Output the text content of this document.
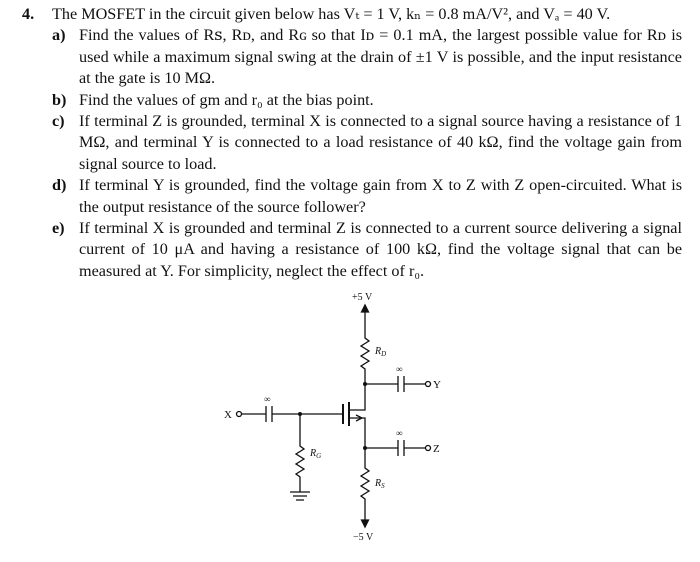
4.	The MOSFET in the circuit given below has Vₜ = 1 V, kₙ = 0.8 mA/V², and Vₐ = 40 V.
a) Find the values of Rꜱ, Rᴅ, and Rɢ so that Iᴅ = 0.1 mA, the largest possible value for Rᴅ is used while a maximum signal swing at the drain of ±1 V is possible, and the input resistance at the gate is 10 MΩ.
b) Find the values of gm and r₀ at the bias point.
c) If terminal Z is grounded, terminal X is connected to a signal source having a resistance of 1 MΩ, and terminal Y is connected to a load resistance of 40 kΩ, find the voltage gain from signal source to load.
d) If terminal Y is grounded, find the voltage gain from X to Z with Z open-circuited. What is the output resistance of the source follower?
e) If terminal X is grounded and terminal Z is connected to a current source delivering a signal current of 10 μA and having a resistance of 100 kΩ, find the voltage signal that can be measured at Y. For simplicity, neglect the effect of r₀.
+5 V
−5 V
$R_D$
$R_S$
$R_G$
X
Y
Z
∞
∞
∞
